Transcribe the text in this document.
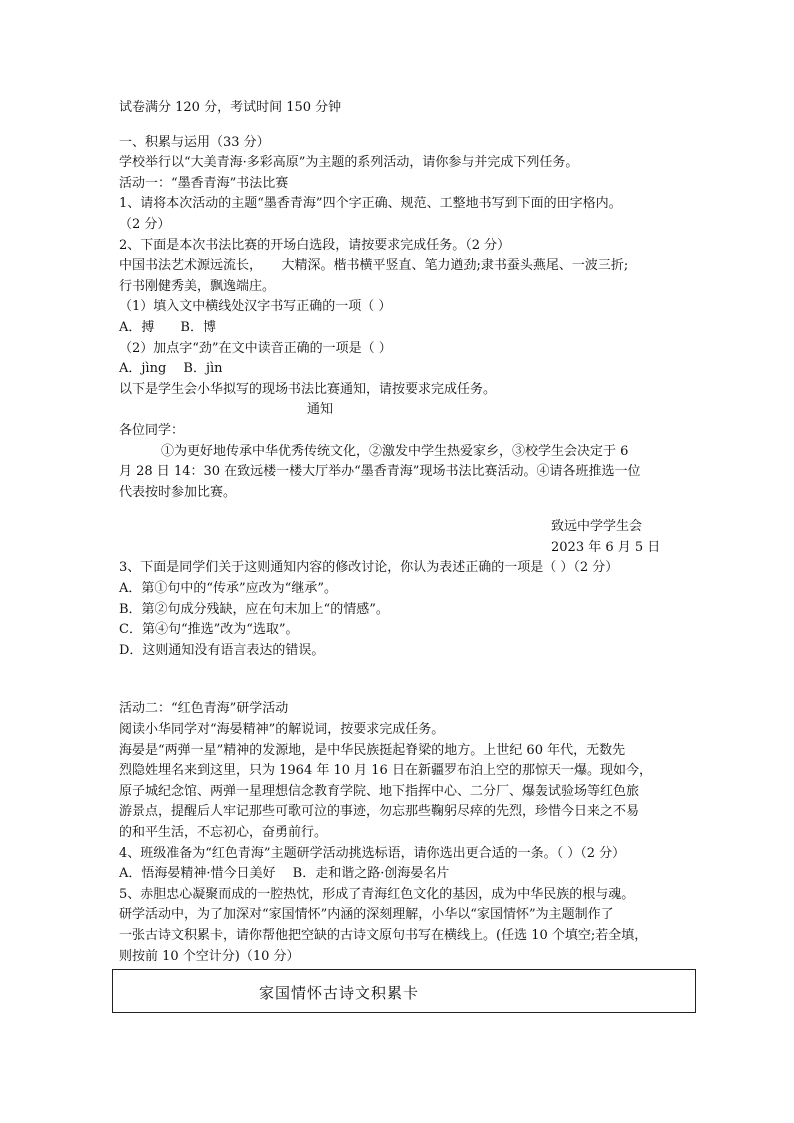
试卷满分 120 分，考试时间 150 分钟

一、积累与运用（33 分）

学校举行以“大美青海·多彩高原”为主题的系列活动，请你参与并完成下列任务。

活动一：“墨香青海”书法比赛

1、请将本次活动的主题“墨香青海”四个字正确、规范、工整地书写到下面的田字格内。

（2 分）

2、下面是本次书法比赛的开场白选段，请按要求完成任务。（2 分）

中国书法艺术源远流长，　　大精深。楷书横平竖直、笔力遒劲;隶书蚕头燕尾、一波三折;

行书刚健秀美，飘逸端庄。

（1）填入文中横线处汉字书写正确的一项（ ）

A．搏　　B．博

（2）加点字“劲”在文中读音正确的一项是（ ）

A．jìng　 B．jìn

以下是学生会小华拟写的现场书法比赛通知，请按要求完成任务。

通知

各位同学：

①为更好地传承中华优秀传统文化，②激发中学生热爱家乡，③校学生会决定于 6

月 28 日 14：30 在致远楼一楼大厅举办“墨香青海”现场书法比赛活动。④请各班推选一位

代表按时参加比赛。

致远中学学生会

2023 年 6 月 5 日

3、下面是同学们关于这则通知内容的修改讨论，你认为表述正确的一项是（ ）（2 分）

A．第①句中的“传承”应改为“继承”。

B．第②句成分残缺，应在句末加上“的情感”。

C．第④句“推选”改为“选取”。

D．这则通知没有语言表达的错误。

活动二：“红色青海”研学活动

阅读小华同学对“海晏精神”的解说词，按要求完成任务。

海晏是“两弹一星”精神的发源地，是中华民族挺起脊梁的地方。上世纪 60 年代，无数先

烈隐姓埋名来到这里，只为 1964 年 10 月 16 日在新疆罗布泊上空的那惊天一爆。现如今，

原子城纪念馆、两弹一星理想信念教育学院、地下指挥中心、二分厂、爆轰试验场等红色旅

游景点，提醒后人牢记那些可歌可泣的事迹，勿忘那些鞠躬尽瘁的先烈，珍惜今日来之不易

的和平生活，不忘初心，奋勇前行。

4、班级准备为“红色青海”主题研学活动挑选标语，请你选出更合适的一条。（ ）（2 分）

A．悟海晏精神·惜今日美好　 B．走和谐之路·创海晏名片

5、赤胆忠心凝聚而成的一腔热忱，形成了青海红色文化的基因，成为中华民族的根与魂。

研学活动中，为了加深对“家国情怀”内涵的深刻理解，小华以“家国情怀”为主题制作了

一张古诗文积累卡，请你帮他把空缺的古诗文原句书写在横线上。(任选 10 个填空;若全填，

则按前 10 个空计分)（10 分）

家国情怀古诗文积累卡
